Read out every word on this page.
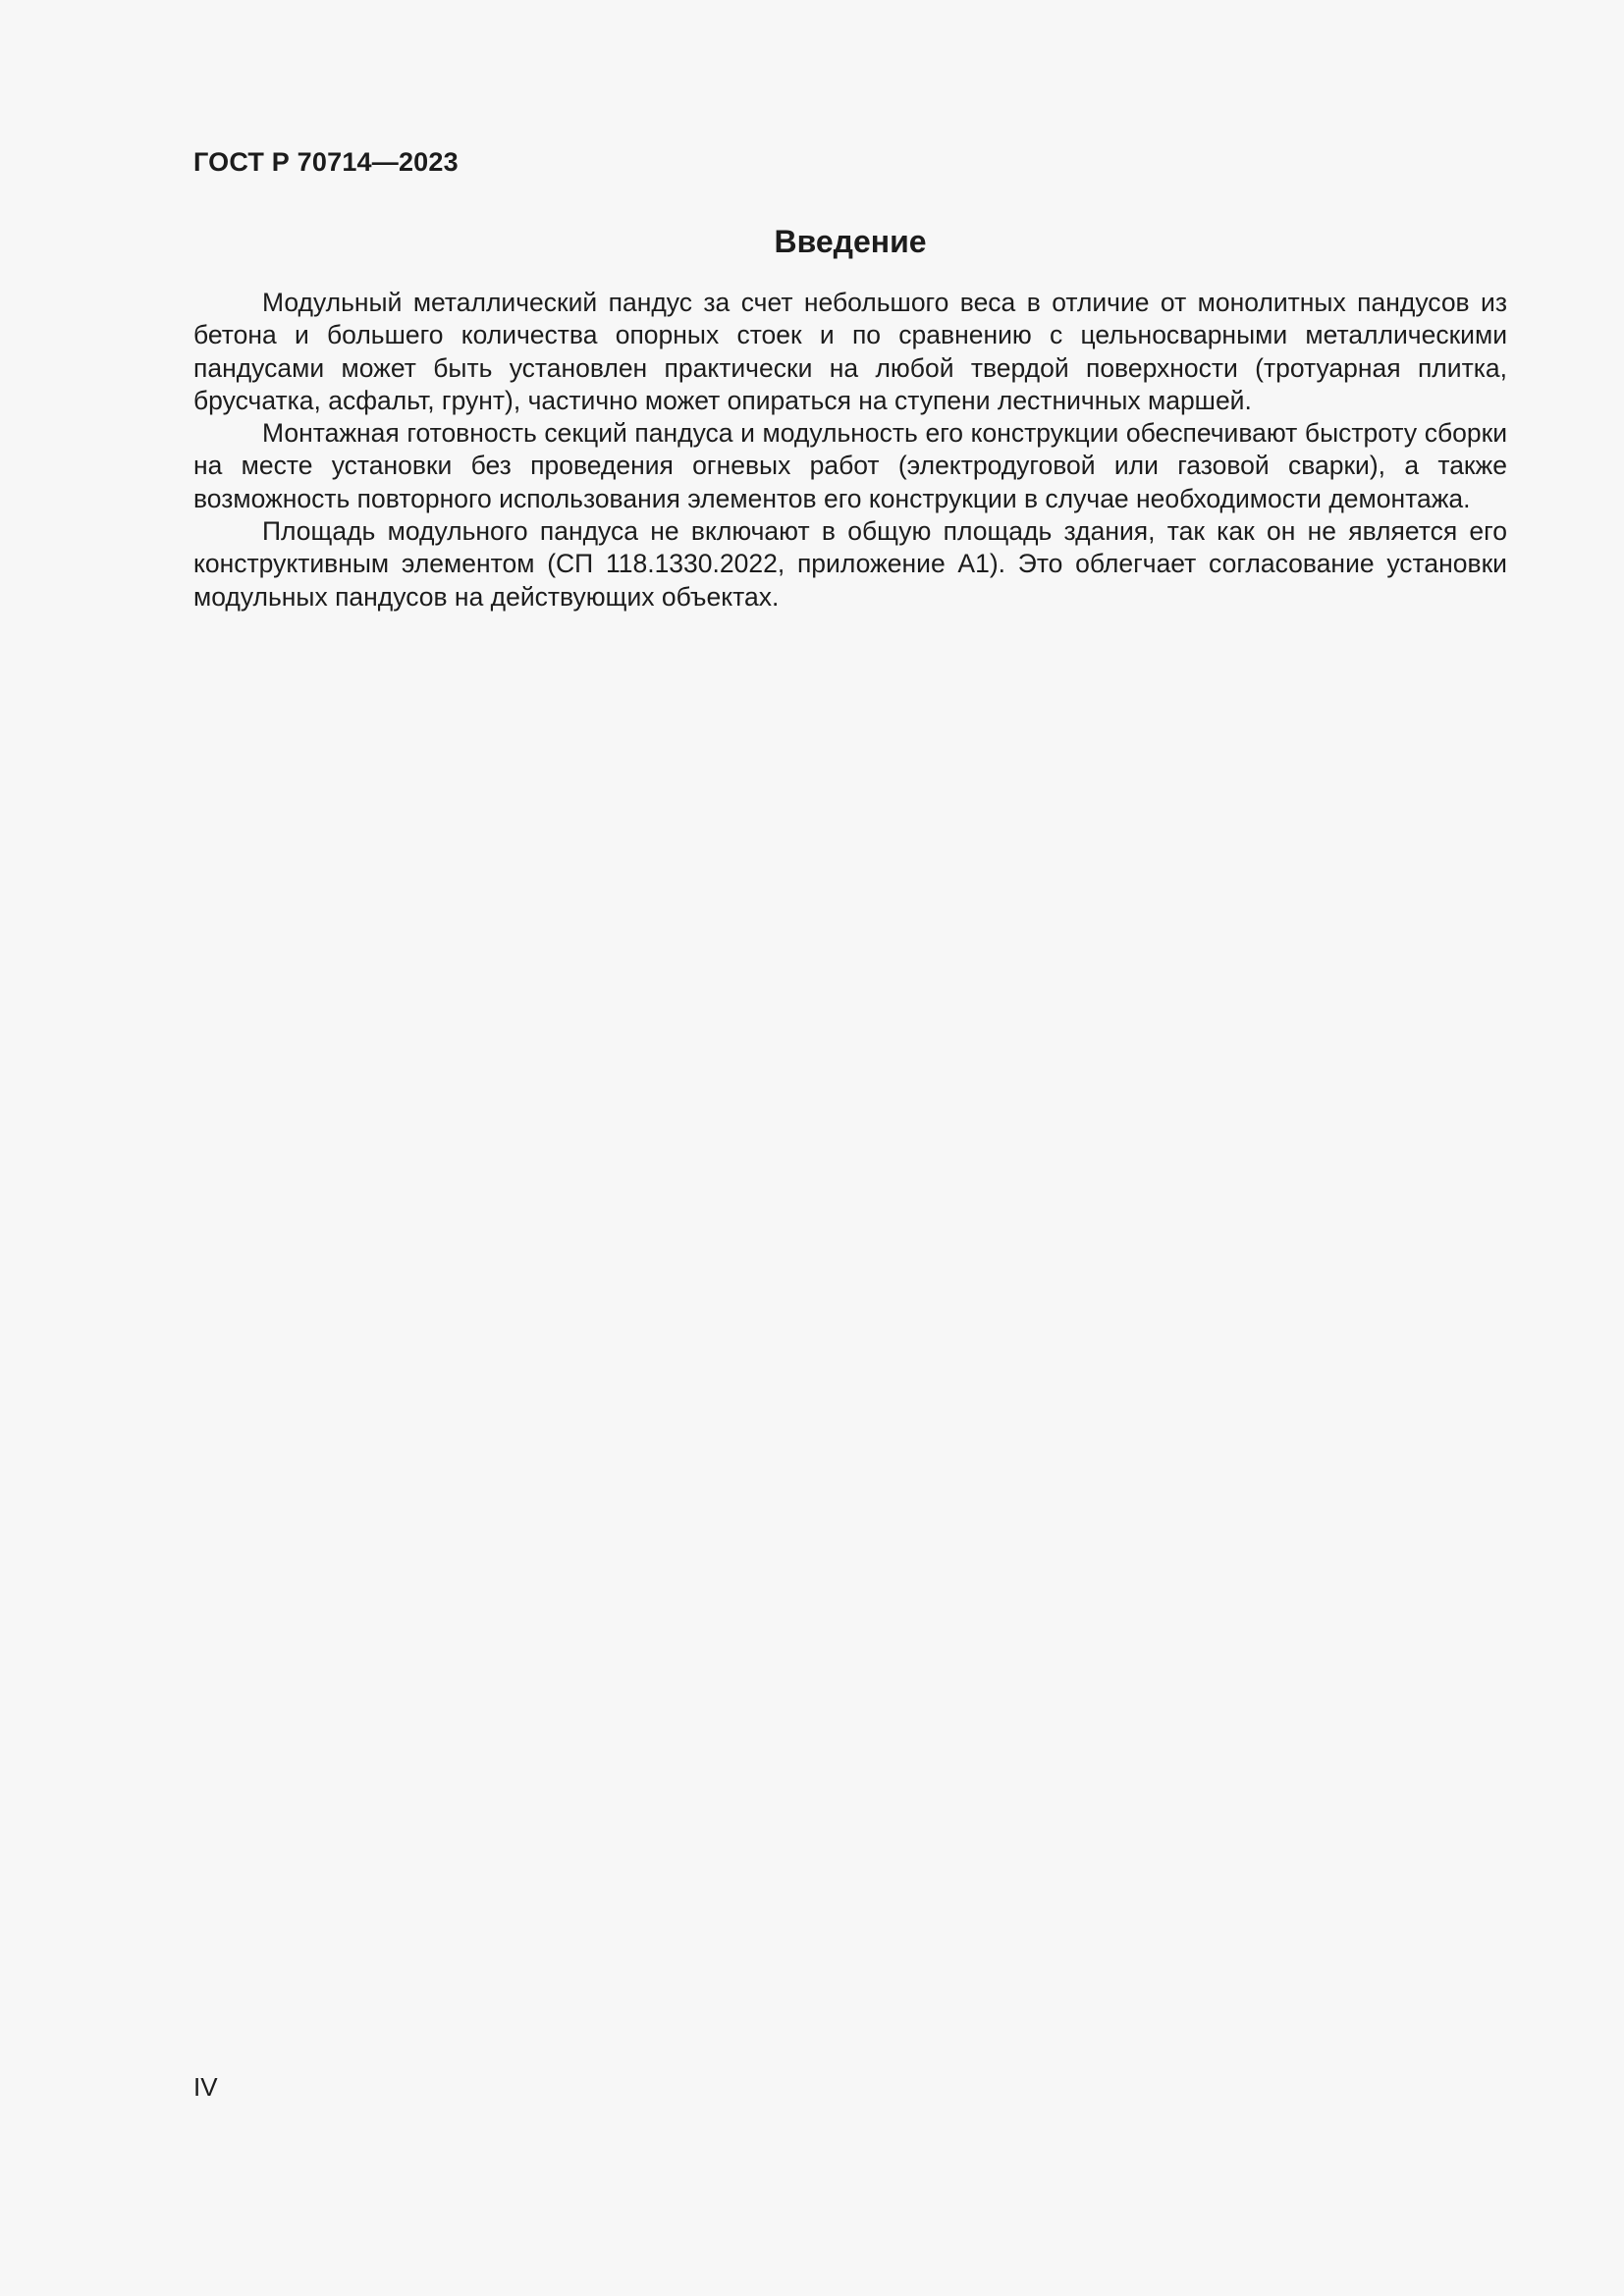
ГОСТ Р 70714—2023
Введение

Модульный металлический пандус за счет небольшого веса в отличие от монолитных пандусов из бетона и большего количества опорных стоек и по сравнению с цельносварными металлическими пандусами может быть установлен практически на любой твердой поверхности (тротуарная плитка, брусчатка, асфальт, грунт), частично может опираться на ступени лестничных маршей.

Монтажная готовность секций пандуса и модульность его конструкции обеспечивают быстроту сборки на месте установки без проведения огневых работ (электродуговой или газовой сварки), а также возможность повторного использования элементов его конструкции в случае необходимости демонтажа.

Площадь модульного пандуса не включают в общую площадь здания, так как он не является его конструктивным элементом (СП 118.1330.2022, приложение А1). Это облегчает согласование установки модульных пандусов на действующих объектах.

IV
